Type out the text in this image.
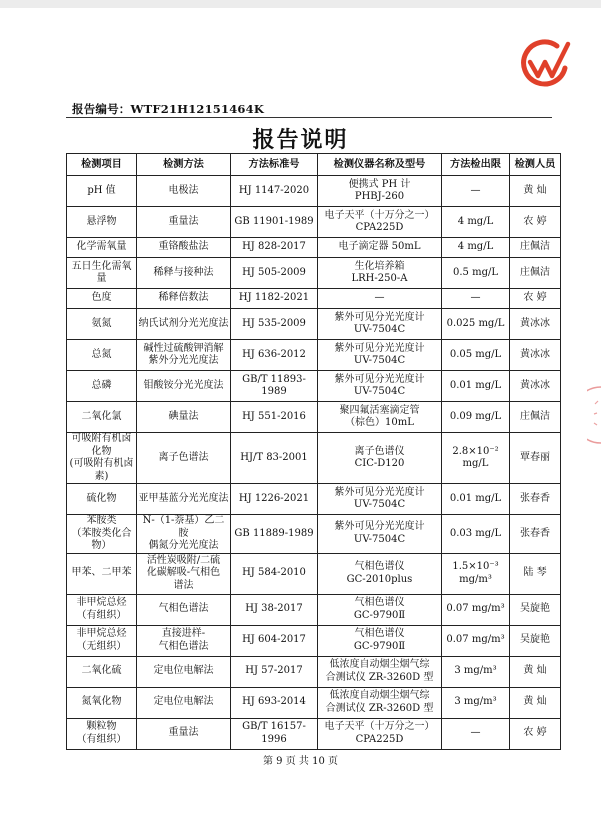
报告编号：WTF21H12151464K
报告说明
检测项目	检测方法	方法标准号	检测仪器名称及型号	方法检出限	检测人员

pH 值	电极法	HJ 1147-2020	便携式 PH 计
PHBJ-260	—	黄 灿

悬浮物	重量法	GB 11901-1989	电子天平（十万分之一）
CPA225D	4 mg/L	农 婷

化学需氧量	重铬酸盐法	HJ 828-2017	电子滴定器 50mL	4 mg/L	庄佩洁

五日生化需氧量	稀释与接种法	HJ 505-2009	生化培养箱
LRH-250-A	0.5 mg/L	庄佩洁

色度	稀释倍数法	HJ 1182-2021	—	—	农 婷

氨氮	纳氏试剂分光光度法	HJ 535-2009	紫外可见分光光度计
UV-7504C	0.025 mg/L	黄冰冰

总氮	碱性过硫酸钾消解
紫外分光光度法	HJ 636-2012	紫外可见分光光度计
UV-7504C	0.05 mg/L	黄冰冰

总磷	钼酸铵分光光度法	GB/T 11893-1989	紫外可见分光光度计
UV-7504C	0.01 mg/L	黄冰冰

二氧化氯	碘量法	HJ 551-2016	聚四氟活塞滴定管
（棕色）10mL	0.09 mg/L	庄佩洁

可吸附有机卤化物
(可吸附有机卤素)	离子色谱法	HJ/T 83-2001	离子色谱仪
CIC-D120	2.8×10⁻²
mg/L	覃春丽

硫化物	亚甲基蓝分光光度法	HJ 1226-2021	紫外可见分光光度计
UV-7504C	0.01 mg/L	张春香

苯胺类
（苯胺类化合物）	N-（1-萘基）乙二胺
偶氮分光光度法	GB 11889-1989	紫外可见分光光度计
UV-7504C	0.03 mg/L	张春香

甲苯、二甲苯	活性炭吸附/二硫
化碳解吸-气相色
谱法	HJ 584-2010	气相色谱仪
GC-2010plus	1.5×10⁻³
mg/m³	陆 琴

非甲烷总烃
（有组织）	气相色谱法	HJ 38-2017	气相色谱仪
GC-9790Ⅱ	0.07 mg/m³	吴旋艳

非甲烷总烃
（无组织）	直接进样-
气相色谱法	HJ 604-2017	气相色谱仪
GC-9790Ⅱ	0.07 mg/m³	吴旋艳

二氧化硫	定电位电解法	HJ 57-2017	低浓度自动烟尘烟气综
合测试仪 ZR-3260D 型	3 mg/m³	黄 灿

氮氧化物	定电位电解法	HJ 693-2014	低浓度自动烟尘烟气综
合测试仪 ZR-3260D 型	3 mg/m³	黄 灿

颗粒物
（有组织）	重量法	GB/T 16157-1996	电子天平（十万分之一）
CPA225D	—	农 婷
第 9 页 共 10 页
